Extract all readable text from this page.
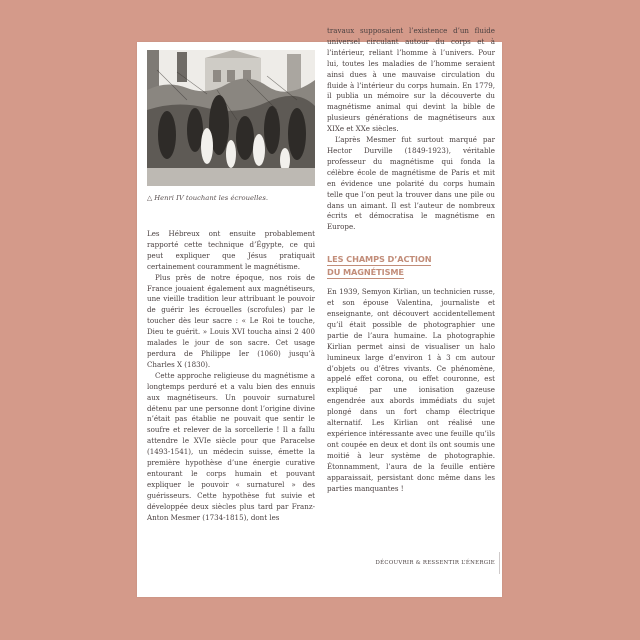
△ Henri IV touchant les écrouelles.

Les Hébreux ont ensuite probablement rapporté cette technique d’Égypte, ce qui peut expliquer que Jésus pratiquait certainement couramment le magnétisme.

Plus près de notre époque, nos rois de France jouaient également aux magnétiseurs, une vieille tradition leur attribuant le pouvoir de guérir les écrouelles (scrofules) par le toucher dès leur sacre : « Le Roi te touche, Dieu te guérit. » Louis XVI toucha ainsi 2 400 malades le jour de son sacre. Cet usage perdura de Philippe Ier (1060) jusqu’à Charles X (1830).

Cette approche religieuse du magnétisme a longtemps perduré et a valu bien des ennuis aux magnétiseurs. Un pouvoir surnaturel détenu par une personne dont l’origine divine n’était pas établie ne pouvait que sentir le soufre et relever de la sorcellerie ! Il a fallu attendre le XVIe siècle pour que Paracelse (1493-1541), un médecin suisse, émette la première hypothèse d’une énergie curative entourant le corps humain et pouvant expliquer le pouvoir « surnaturel » des guérisseurs. Cette hypothèse fut suivie et développée deux siècles plus tard par Franz-Anton Mesmer (1734-1815), dont les

travaux supposaient l’existence d’un fluide universel circulant autour du corps et à l’intérieur, reliant l’homme à l’univers. Pour lui, toutes les maladies de l’homme seraient ainsi dues à une mauvaise circulation du fluide à l’intérieur du corps humain. En 1779, il publia un mémoire sur la découverte du magnétisme animal qui devint la bible de plusieurs générations de magnétiseurs aux XIXe et XXe siècles.

L’après Mesmer fut surtout marqué par Hector Durville (1849-1923), véritable professeur du magnétisme qui fonda la célèbre école de magnétisme de Paris et mit en évidence une polarité du corps humain telle que l’on peut la trouver dans une pile ou dans un aimant. Il est l’auteur de nombreux écrits et démocratisa le magnétisme en Europe.

LES CHAMPS D’ACTION
DU MAGNÉTISME

En 1939, Semyon Kirlian, un technicien russe, et son épouse Valentina, journaliste et enseignante, ont découvert accidentellement qu’il était possible de photographier une partie de l’aura humaine. La photographie Kirlian permet ainsi de visualiser un halo lumineux large d’environ 1 à 3 cm autour d’objets ou d’êtres vivants. Ce phénomène, appelé effet corona, ou effet couronne, est expliqué par une ionisation gazeuse engendrée aux abords immédiats du sujet plongé dans un fort champ électrique alternatif. Les Kirlian ont réalisé une expérience intéressante avec une feuille qu’ils ont coupée en deux et dont ils ont soumis une moitié à leur système de photographie. Étonnamment, l’aura de la feuille entière apparaissait, persistant donc même dans les parties manquantes !

DÉCOUVRIR & RESSENTIR L’ÉNERGIE
